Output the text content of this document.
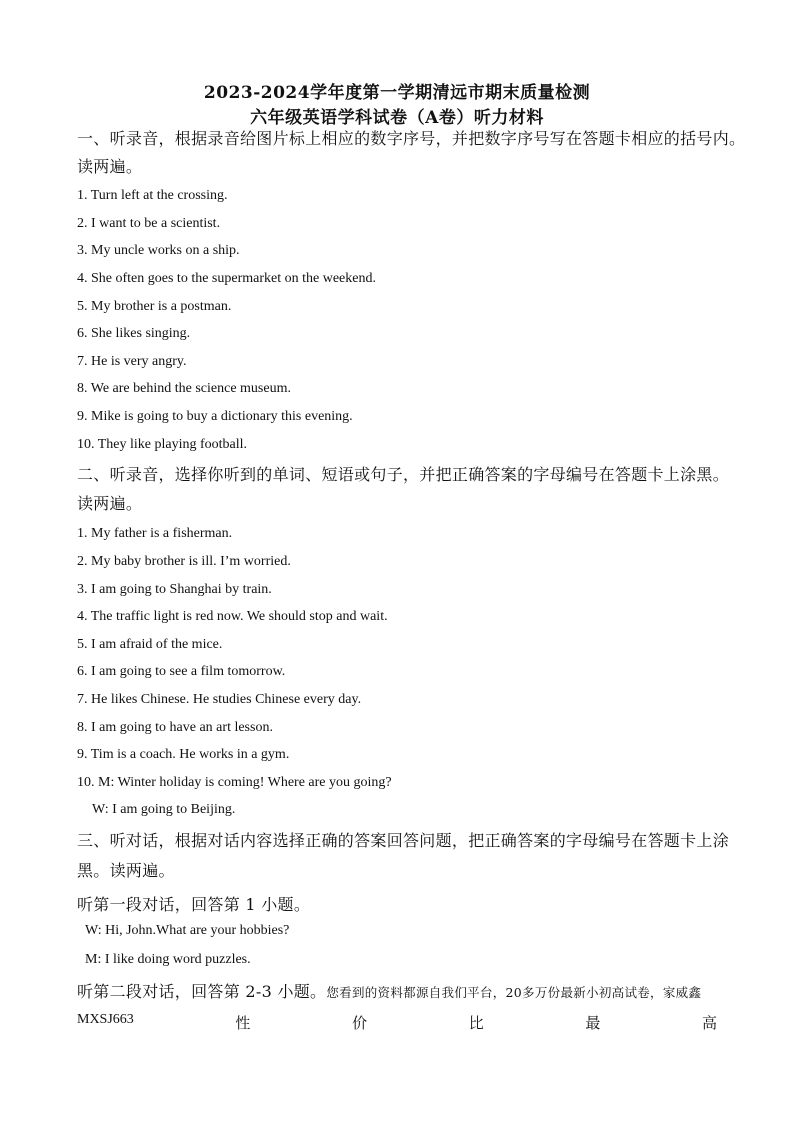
2023-2024学年度第一学期清远市期末质量检测
六年级英语学科试卷（A卷）听力材料
一、听录音，根据录音给图片标上相应的数字序号，并把数字序号写在答题卡相应的括号内。
读两遍。
1. Turn left at the crossing.
2. I want to be a scientist.
3. My uncle works on a ship.
4. She often goes to the supermarket on the weekend.
5. My brother is a postman.
6. She likes singing.
7. He is very angry.
8. We are behind the science museum.
9. Mike is going to buy a dictionary this evening.
10. They like playing football.
二、听录音，选择你听到的单词、短语或句子，并把正确答案的字母编号在答题卡上涂黑。
读两遍。
1. My father is a fisherman.
2. My baby brother is ill. I’m worried.
3. I am going to Shanghai by train.
4. The traffic light is red now. We should stop and wait.
5. I am afraid of the mice.
6. I am going to see a film tomorrow.
7. He likes Chinese. He studies Chinese every day.
8. I am going to have an art lesson.
9. Tim is a coach. He works in a gym.
10. M: Winter holiday is coming! Where are you going?
W: I am going to Beijing.
三、听对话，根据对话内容选择正确的答案回答问题，把正确答案的字母编号在答题卡上涂
黑。读两遍。
听第一段对话，回答第 1 小题。
W: Hi, John.What are your hobbies?
M: I like doing word puzzles.
听第二段对话，回答第 2-3 小题。您看到的资料都源自我们平台，20多万份最新小初高试卷，家威鑫
MXSJ663	性	价	比	最	高
